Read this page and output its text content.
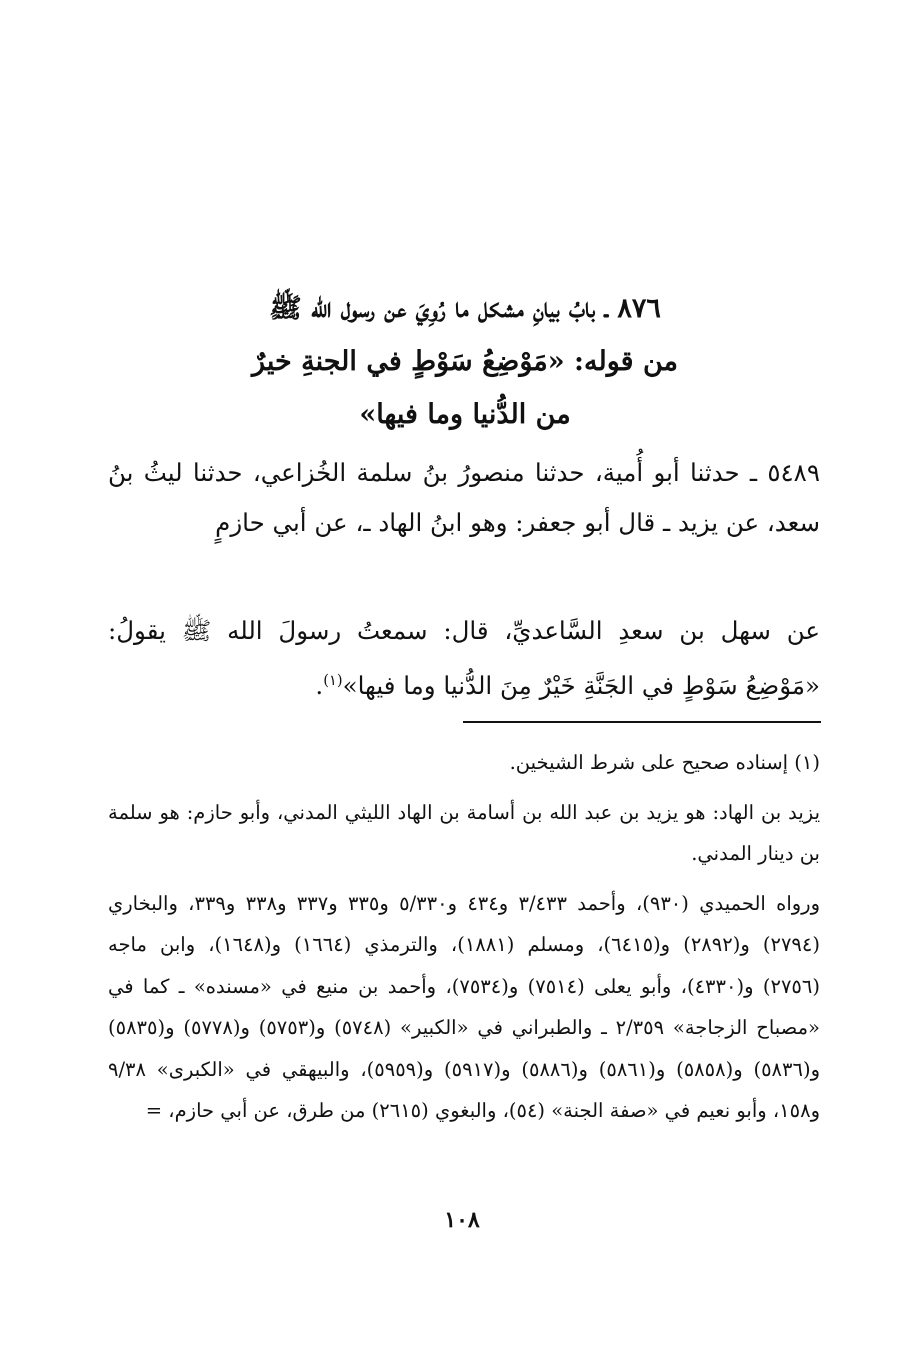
٨٧٦ ـ بابُ بيانِ مشكل ما رُوِيَ عن رسول الله ﷺ
من قوله: «مَوْضِعُ سَوْطٍ في الجنةِ خيرٌ
من الدُّنيا وما فيها»

٥٤٨٩ ـ حدثنا أبو أُمية، حدثنا منصورُ بنُ سلمة الخُزاعي، حدثنا ليثُ بنُ سعد، عن يزيد ـ قال أبو جعفر: وهو ابنُ الهاد ـ، عن أبي حازمٍ

عن سهل بن سعدِ السَّاعديِّ، قال: سمعتُ رسولَ الله ﷺ يقولُ: «مَوْضِعُ سَوْطٍ في الجَنَّةِ خَيْرٌ مِنَ الدُّنيا وما فيها»$^{(١)}$.

(١) إسناده صحيح على شرط الشيخين.

يزيد بن الهاد: هو يزيد بن عبد الله بن أسامة بن الهاد الليثي المدني، وأبو حازم: هو سلمة بن دينار المدني.

ورواه الحميدي (٩٣٠)، وأحمد ٣/٤٣٣ و٤٣٤ و٥/٣٣٠ و٣٣٥ و٣٣٧ و٣٣٨ و٣٣٩، والبخاري (٢٧٩٤) و(٢٨٩٢) و(٦٤١٥)، ومسلم (١٨٨١)، والترمذي (١٦٦٤) و(١٦٤٨)، وابن ماجه (٢٧٥٦) و(٤٣٣٠)، وأبو يعلى (٧٥١٤) و(٧٥٣٤)، وأحمد بن منيع في «مسنده» ـ كما في «مصباح الزجاجة» ٢/٣٥٩ ـ والطبراني في «الكبير» (٥٧٤٨) و(٥٧٥٣) و(٥٧٧٨) و(٥٨٣٥) و(٥٨٣٦) و(٥٨٥٨) و(٥٨٦١) و(٥٨٨٦) و(٥٩١٧) و(٥٩٥٩)، والبيهقي في «الكبرى» ٩/٣٨ و١٥٨، وأبو نعيم في «صفة الجنة» (٥٤)، والبغوي (٢٦١٥) من طرق، عن أبي حازم، =

١٠٨
